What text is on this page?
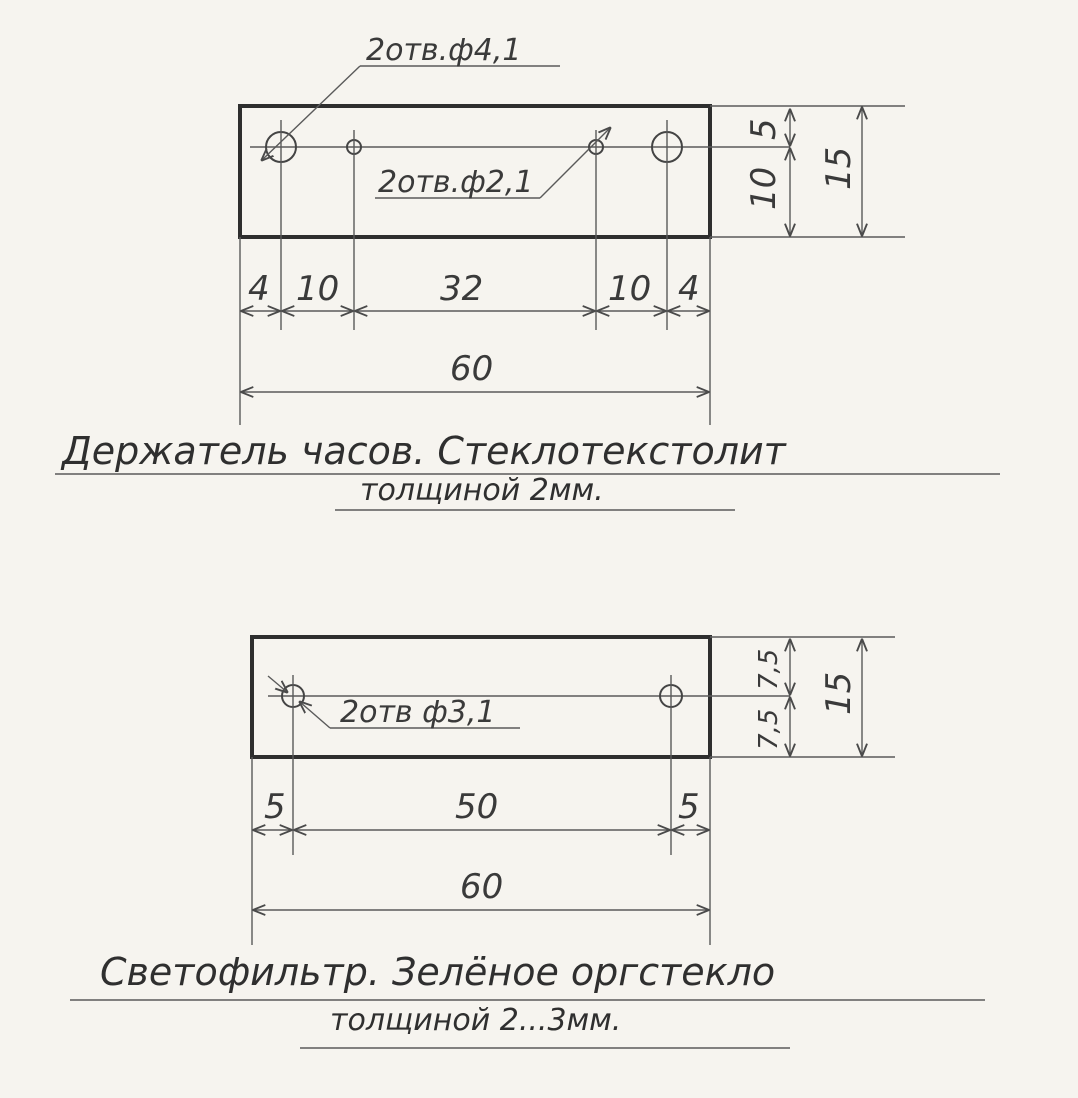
4 10	32	10 4
60
5
10 15
2отв.ф4,1
2отв.ф2,1
Держатель часов. Стеклотекстолит
толщиной 2мм.
5	50	5
60
7,5
7,5
15
2отв ф3,1
Светофильтр. Зелёное оргстекло
толщиной 2...3мм.
